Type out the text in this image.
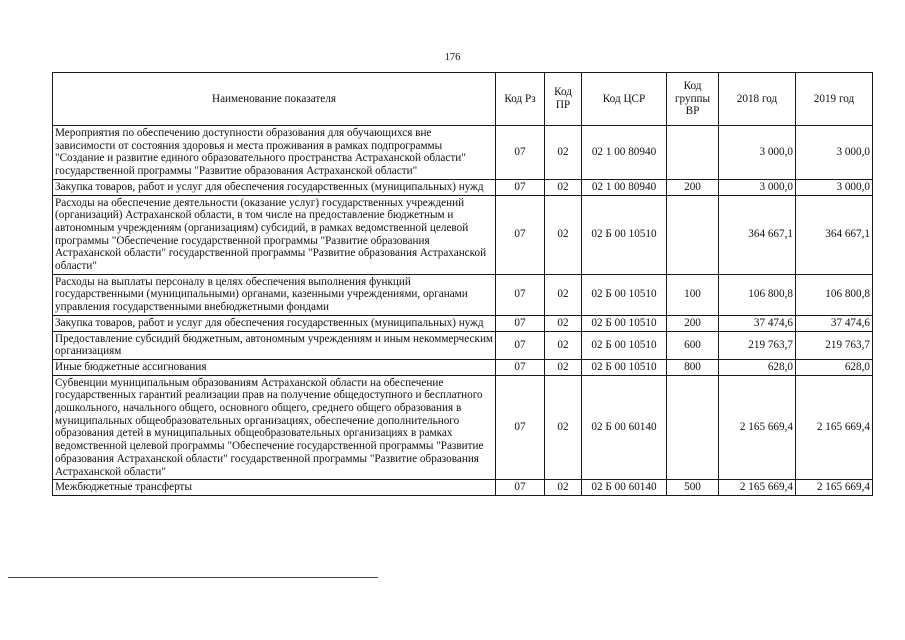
176
Наименование показателя	Код Рз	Код ПР	Код ЦСР	Код группы ВР	2018 год	2019 год
Мероприятия по обеспечению доступности образования для обучающихся вне зависимости от состояния здоровья и места проживания в рамках подпрограммы "Создание и развитие единого образовательного пространства Астраханской области" государственной программы "Развитие образования Астраханской области"	07	02	02 1 00 80940		3 000,0	3 000,0
Закупка товаров, работ и услуг для обеспечения государственных (муниципальных) нужд	07	02	02 1 00 80940	200	3 000,0	3 000,0
Расходы на обеспечение деятельности (оказание услуг) государственных учреждений (организаций) Астраханской области, в том числе на предоставление бюджетным и автономным учреждениям (организациям) субсидий, в рамках ведомственной целевой программы "Обеспечение государственной программы "Развитие образования Астраханской области" государственной программы "Развитие образования Астраханской области"	07	02	02 Б 00 10510		364 667,1	364 667,1
Расходы на выплаты персоналу в целях обеспечения выполнения функций государственными (муниципальными) органами, казенными учреждениями, органами управления государственными внебюджетными фондами	07	02	02 Б 00 10510	100	106 800,8	106 800,8
Закупка товаров, работ и услуг для обеспечения государственных (муниципальных) нужд	07	02	02 Б 00 10510	200	37 474,6	37 474,6
Предоставление субсидий бюджетным, автономным учреждениям и иным некоммерческим организациям	07	02	02 Б 00 10510	600	219 763,7	219 763,7
Иные бюджетные ассигнования	07	02	02 Б 00 10510	800	628,0	628,0
Субвенции муниципальным образованиям Астраханской области на обеспечение государственных гарантий реализации прав на получение общедоступного и бесплатного дошкольного, начального общего, основного общего, среднего общего образования в муниципальных общеобразовательных организациях, обеспечение дополнительного образования детей в муниципальных общеобразовательных организациях в рамках ведомственной целевой программы "Обеспечение государственной программы "Развитие образования Астраханской области" государственной программы "Развитие образования Астраханской области"	07	02	02 Б 00 60140		2 165 669,4	2 165 669,4
Межбюджетные трансферты	07	02	02 Б 00 60140	500	2 165 669,4	2 165 669,4
